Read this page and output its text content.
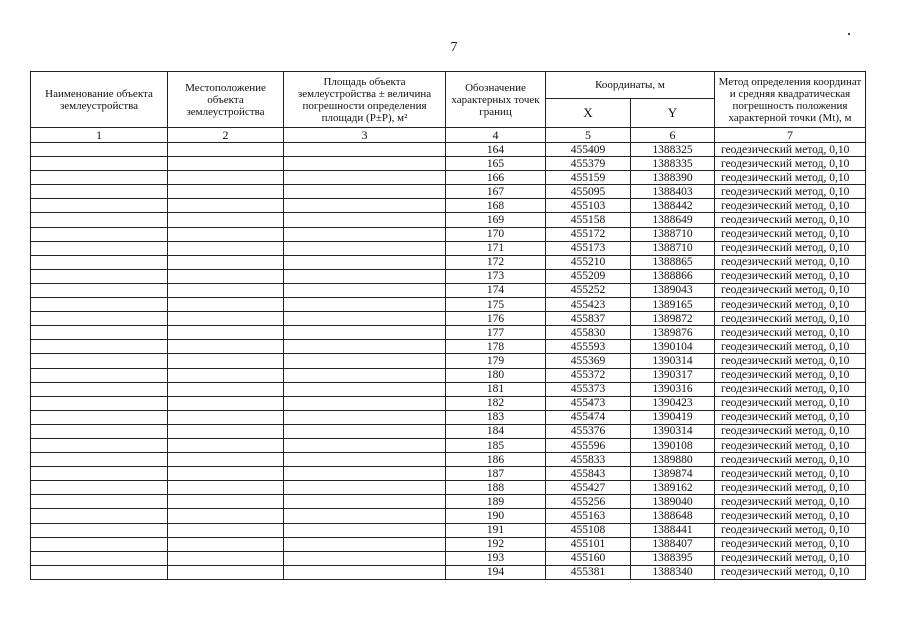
7
Наименование объекта землеустройства	Местоположение объекта землеустройства	Площадь объекта землеустройства ± величина погрешности определения площади (Р±P), м²	Обозначение характерных точек границ	Координаты, м		Метод определения координат и средняя квадратическая погрешность положения характерной точки (Mt), м
				X	Y	
1	2	3	4	5	6	7
			164	455409	1388325	геодезический метод, 0,10
			165	455379	1388335	геодезический метод, 0,10
			166	455159	1388390	геодезический метод, 0,10
			167	455095	1388403	геодезический метод, 0,10
			168	455103	1388442	геодезический метод, 0,10
			169	455158	1388649	геодезический метод, 0,10
			170	455172	1388710	геодезический метод, 0,10
			171	455173	1388710	геодезический метод, 0,10
			172	455210	1388865	геодезический метод, 0,10
			173	455209	1388866	геодезический метод, 0,10
			174	455252	1389043	геодезический метод, 0,10
			175	455423	1389165	геодезический метод, 0,10
			176	455837	1389872	геодезический метод, 0,10
			177	455830	1389876	геодезический метод, 0,10
			178	455593	1390104	геодезический метод, 0,10
			179	455369	1390314	геодезический метод, 0,10
			180	455372	1390317	геодезический метод, 0,10
			181	455373	1390316	геодезический метод, 0,10
			182	455473	1390423	геодезический метод, 0,10
			183	455474	1390419	геодезический метод, 0,10
			184	455376	1390314	геодезический метод, 0,10
			185	455596	1390108	геодезический метод, 0,10
			186	455833	1389880	геодезический метод, 0,10
			187	455843	1389874	геодезический метод, 0,10
			188	455427	1389162	геодезический метод, 0,10
			189	455256	1389040	геодезический метод, 0,10
			190	455163	1388648	геодезический метод, 0,10
			191	455108	1388441	геодезический метод, 0,10
			192	455101	1388407	геодезический метод, 0,10
			193	455160	1388395	геодезический метод, 0,10
			194	455381	1388340	геодезический метод, 0,10
